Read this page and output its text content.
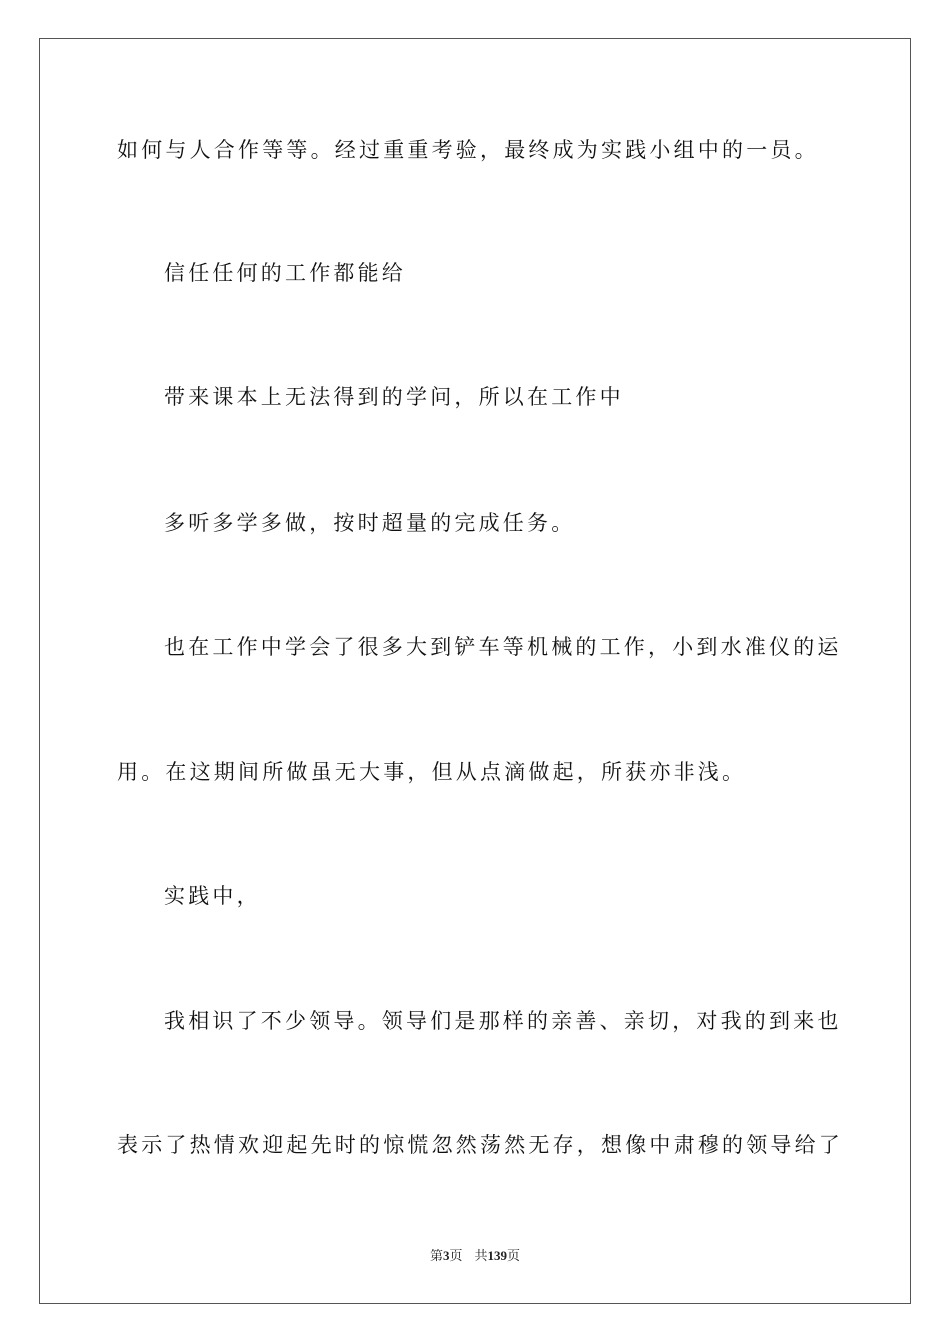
如何与人合作等等。经过重重考验，最终成为实践小组中的一员。
信任任何的工作都能给
带来课本上无法得到的学问，所以在工作中
多听多学多做，按时超量的完成任务。
也在工作中学会了很多大到铲车等机械的工作，小到水准仪的运
用。在这期间所做虽无大事，但从点滴做起，所获亦非浅。
实践中，
我相识了不少领导。领导们是那样的亲善、亲切，对我的到来也
表示了热情欢迎起先时的惊慌忽然荡然无存，想像中肃穆的领导给了
第3页 共139页
